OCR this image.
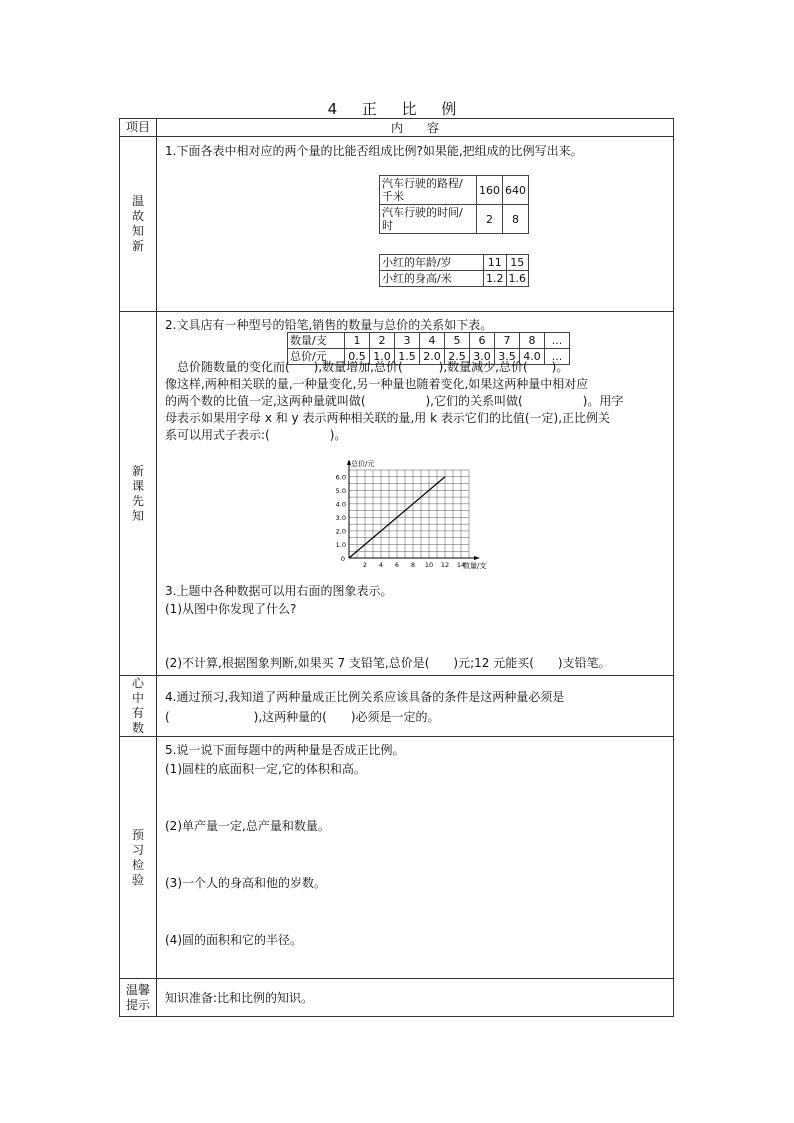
4 正 比 例
项目	内　　容

温
故
知
新

1.下面各表中相对应的两个量的比能否组成比例?如果能,把组成的比例写出来。
汽车行驶的路程/
千米	160	640

汽车行驶的时间/
时	2	8
小红的年龄/岁	11	15
小红的身高/米	1.2	1.6

新
课
先
知

2.文具店有一种型号的铅笔,销售的数量与总价的关系如下表。
数量/支	1	2	3	4	5	6	7	8	...
总价/元	0.5	1.0	1.5	2.0	2.5	3.0	3.5	4.0	...
总价随数量的变化而(　　),数量增加,总价(　　　),数量减少,总价(　　)。
像这样,两种相关联的量,一种量变化,另一种量也随着变化,如果这两种量中相对应
的两个数的比值一定,这两种量就叫做(　　　　　),它们的关系叫做(　　　　　)。用字
母表示如果用字母 x 和 y 表示两种相关联的量,用 k 表示它们的比值(一定),正比例关
系可以用式子表示:(　　　　　)。
2 4 6 8 10 12 14
1.0
2.0
3.0
4.0
5.0
6.0
0
总价/元
数量/支
3.上题中各种数据可以用右面的图象表示。
(1)从图中你发现了什么?
(2)不计算,根据图象判断,如果买 7 支铅笔,总价是(　　)元;12 元能买(　　)支铅笔。

心
中
有
数

4.通过预习,我知道了两种量成正比例关系应该具备的条件是这两种量必须是
(　　　　　　　),这两种量的(　　)必须是一定的。

预
习
检
验

5.说一说下面每题中的两种量是否成正比例。
(1)圆柱的底面积一定,它的体积和高。
(2)单产量一定,总产量和数量。
(3)一个人的身高和他的岁数。
(4)圆的面积和它的半径。

温馨
提示	知识准备:比和比例的知识。
